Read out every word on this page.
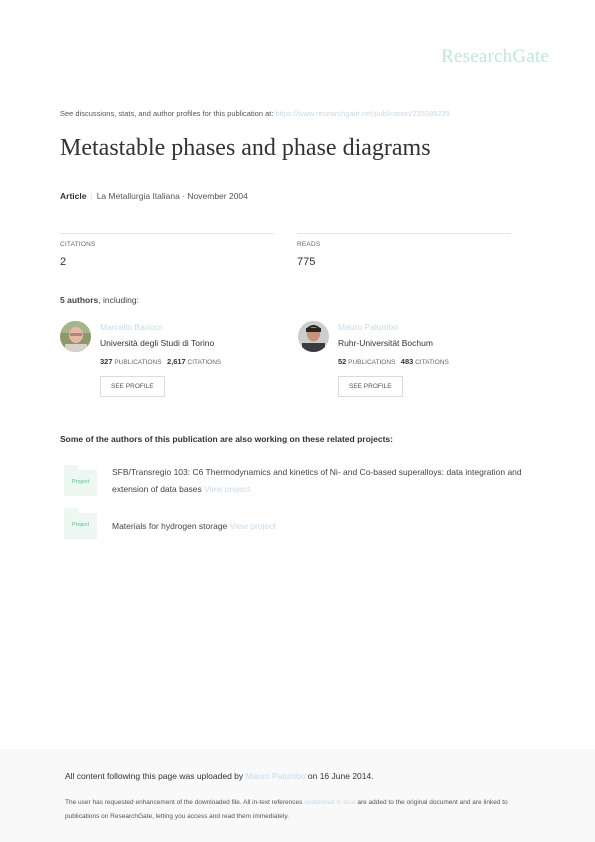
ResearchGate
See discussions, stats, and author profiles for this publication at: https://www.researchgate.net/publication/235089239
Metastable phases and phase diagrams
Article | La Metallurgia Italiana · November 2004
CITATIONS
2
READS
775
5 authors, including:
Marcello Baricco
Università degli Studi di Torino
327 PUBLICATIONS 2,617 CITATIONS
SEE PROFILE
Mauro Palumbo
Ruhr-Universität Bochum
52 PUBLICATIONS 483 CITATIONS
SEE PROFILE
Some of the authors of this publication are also working on these related projects:
Project
SFB/Transregio 103: C6 Thermodynamics and kinetics of Ni- and Co-based superalloys: data integration and extension of data bases View project
Project	Materials for hydrogen storage View project
All content following this page was uploaded by Mauro Palumbo on 16 June 2014.
The user has requested enhancement of the downloaded file. All in-text references underlined in blue are added to the original document and are linked to publications on ResearchGate, letting you access and read them immediately.
